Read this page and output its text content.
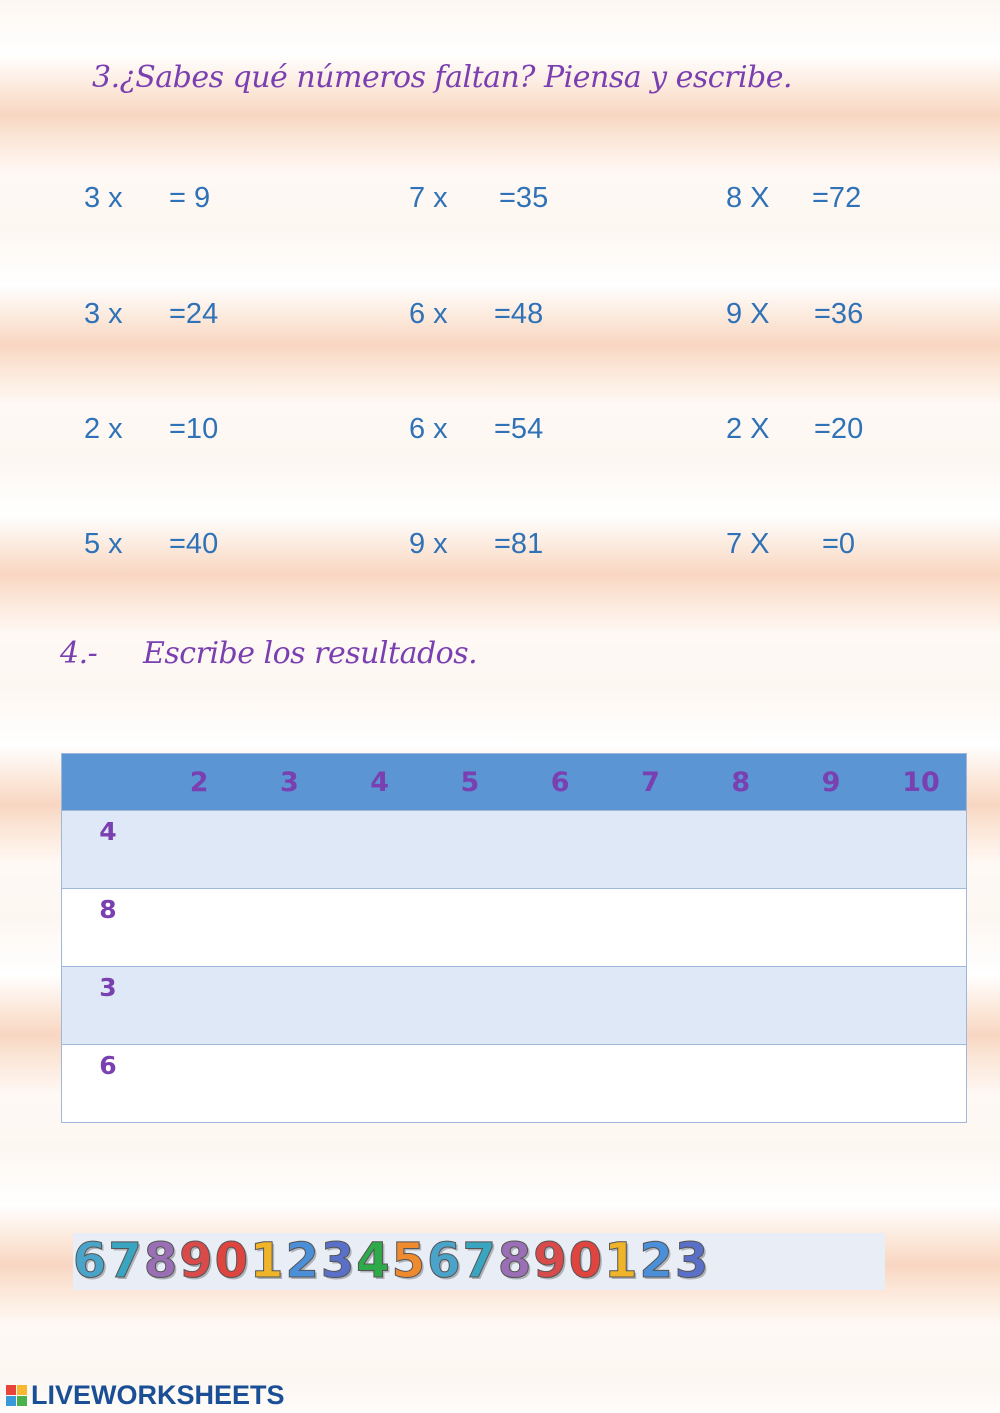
3.¿Sabes qué números faltan? Piensa y escribe.
3 x = 9	7 x =35	8 X =72
3 x =24	6 x =48	9 X =36
2 x =10	6 x =54	2 X =20
5 x =40	9 x =81	7 X =0
4.- Escribe los resultados.
	2	3	4	5	6	7	8	9	10
4									
8									
3									
6									
678901234567890123
LIVEWORKSHEETS
